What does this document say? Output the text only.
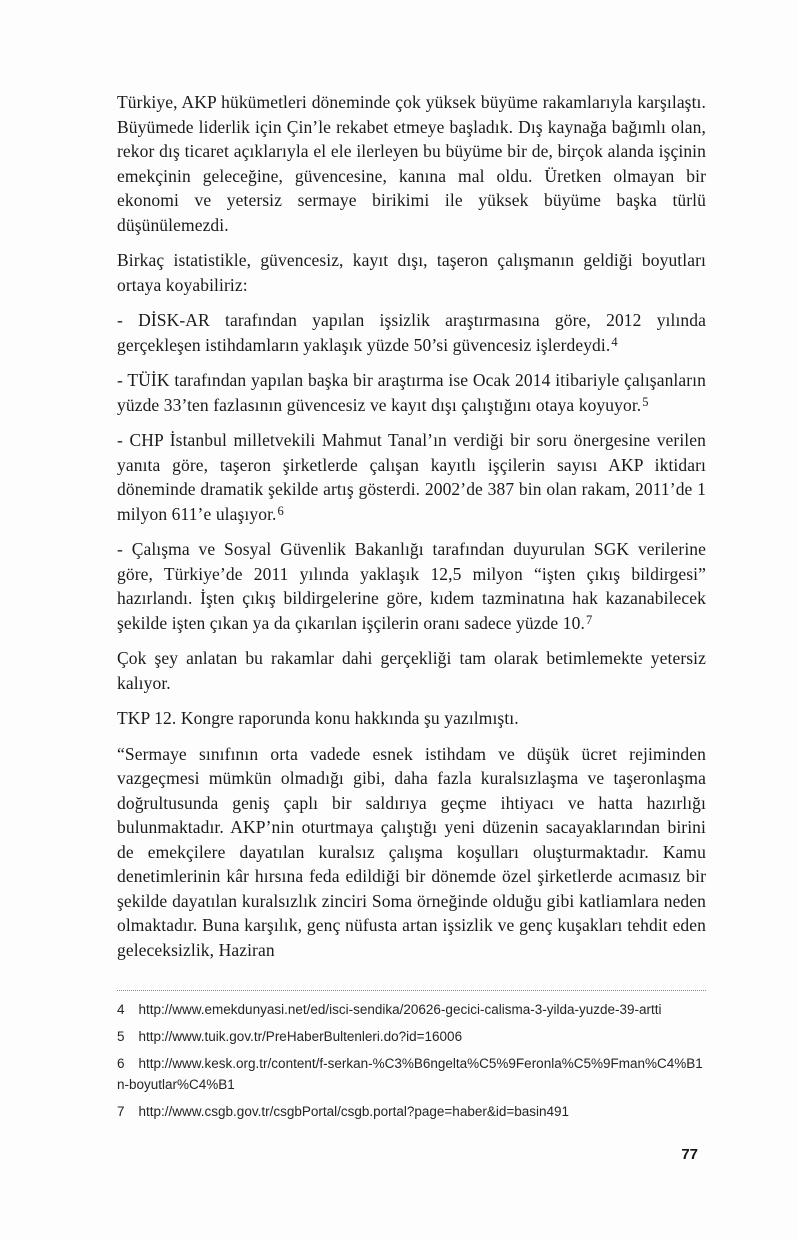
Türkiye, AKP hükümetleri döneminde çok yüksek büyüme rakamlarıyla karşılaştı. Büyümede liderlik için Çin’le rekabet etmeye başladık. Dış kaynağa bağımlı olan, rekor dış ticaret açıklarıyla el ele ilerleyen bu büyüme bir de, birçok alanda işçinin emekçinin geleceğine, güvencesine, kanına mal oldu. Üretken olmayan bir ekonomi ve yetersiz sermaye birikimi ile yüksek büyüme başka türlü düşünülemezdi.

Birkaç istatistikle, güvencesiz, kayıt dışı, taşeron çalışmanın geldiği boyutları ortaya koyabiliriz:

- DİSK-AR tarafından yapılan işsizlik araştırmasına göre, 2012 yılında gerçekleşen istihdamların yaklaşık yüzde 50’si güvencesiz işlerdeydi.$^4$

- TÜİK tarafından yapılan başka bir araştırma ise Ocak 2014 itibariyle çalışanların yüzde 33’ten fazlasının güvencesiz ve kayıt dışı çalıştığını otaya koyuyor.$^5$

- CHP İstanbul milletvekili Mahmut Tanal’ın verdiği bir soru önergesine verilen yanıta göre, taşeron şirketlerde çalışan kayıtlı işçilerin sayısı AKP iktidarı döneminde dramatik şekilde artış gösterdi. 2002’de 387 bin olan rakam, 2011’de 1 milyon 611’e ulaşıyor.$^6$

- Çalışma ve Sosyal Güvenlik Bakanlığı tarafından duyurulan SGK verilerine göre, Türkiye’de 2011 yılında yaklaşık 12,5 milyon “işten çıkış bildirgesi” hazırlandı. İşten çıkış bildirgelerine göre, kıdem tazminatına hak kazanabilecek şekilde işten çıkan ya da çıkarılan işçilerin oranı sadece yüzde 10.$^7$

Çok şey anlatan bu rakamlar dahi gerçekliği tam olarak betimlemekte yetersiz kalıyor.

TKP 12. Kongre raporunda konu hakkında şu yazılmıştı.

“Sermaye sınıfının orta vadede esnek istihdam ve düşük ücret rejiminden vazgeçmesi mümkün olmadığı gibi, daha fazla kuralsızlaşma ve taşeronlaşma doğrultusunda geniş çaplı bir saldırıya geçme ihtiyacı ve hatta hazırlığı bulunmaktadır. AKP’nin oturtmaya çalıştığı yeni düzenin sacayaklarından birini de emekçilere dayatılan kuralsız çalışma koşulları oluşturmaktadır. Kamu denetimlerinin kâr hırsına feda edildiği bir dönemde özel şirketlerde acımasız bir şekilde dayatılan kuralsızlık zinciri Soma örneğinde olduğu gibi katliamlara neden olmaktadır. Buna karşılık, genç nüfusta artan işsizlik ve genç kuşakları tehdit eden geleceksizlik, Haziran

4 http://www.emekdunyasi.net/ed/isci-sendika/20626-gecici-calisma-3-yilda-yuzde-39-artti

5 http://www.tuik.gov.tr/PreHaberBultenleri.do?id=16006

6 http://www.kesk.org.tr/content/f-serkan-%C3%B6ngelta%C5%9Feronla%C5%9Fman%C4%B1n-boyutlar%C4%B1

7 http://www.csgb.gov.tr/csgbPortal/csgb.portal?page=haber&id=basin491

77
